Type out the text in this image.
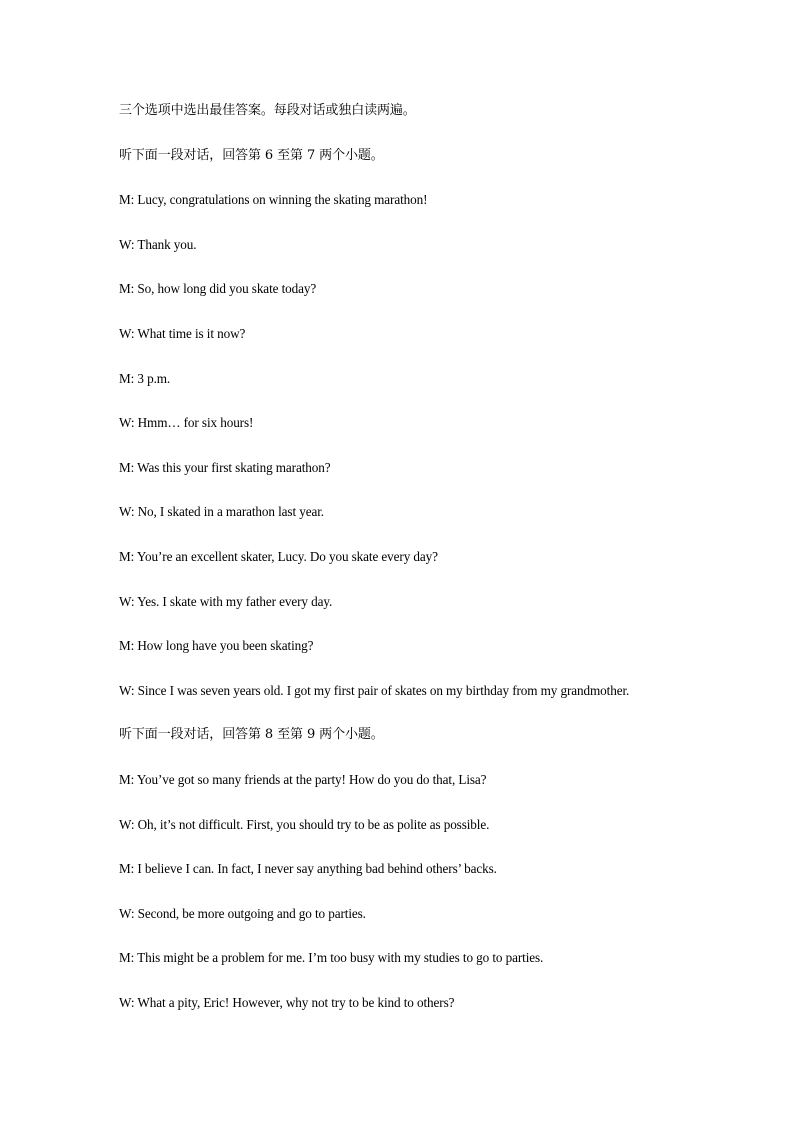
三个选项中选出最佳答案。每段对话或独白读两遍。
听下面一段对话，回答第 6 至第 7 两个小题。
M: Lucy, congratulations on winning the skating marathon!
W: Thank you.
M: So, how long did you skate today?
W: What time is it now?
M: 3 p.m.
W: Hmm… for six hours!
M: Was this your first skating marathon?
W: No, I skated in a marathon last year.
M: You’re an excellent skater, Lucy. Do you skate every day?
W: Yes. I skate with my father every day.
M: How long have you been skating?
W: Since I was seven years old. I got my first pair of skates on my birthday from my grandmother.
听下面一段对话，回答第 8 至第 9 两个小题。
M: You’ve got so many friends at the party! How do you do that, Lisa?
W: Oh, it’s not difficult. First, you should try to be as polite as possible.
M: I believe I can. In fact, I never say anything bad behind others’ backs.
W: Second, be more outgoing and go to parties.
M: This might be a problem for me. I’m too busy with my studies to go to parties.
W: What a pity, Eric! However, why not try to be kind to others?
